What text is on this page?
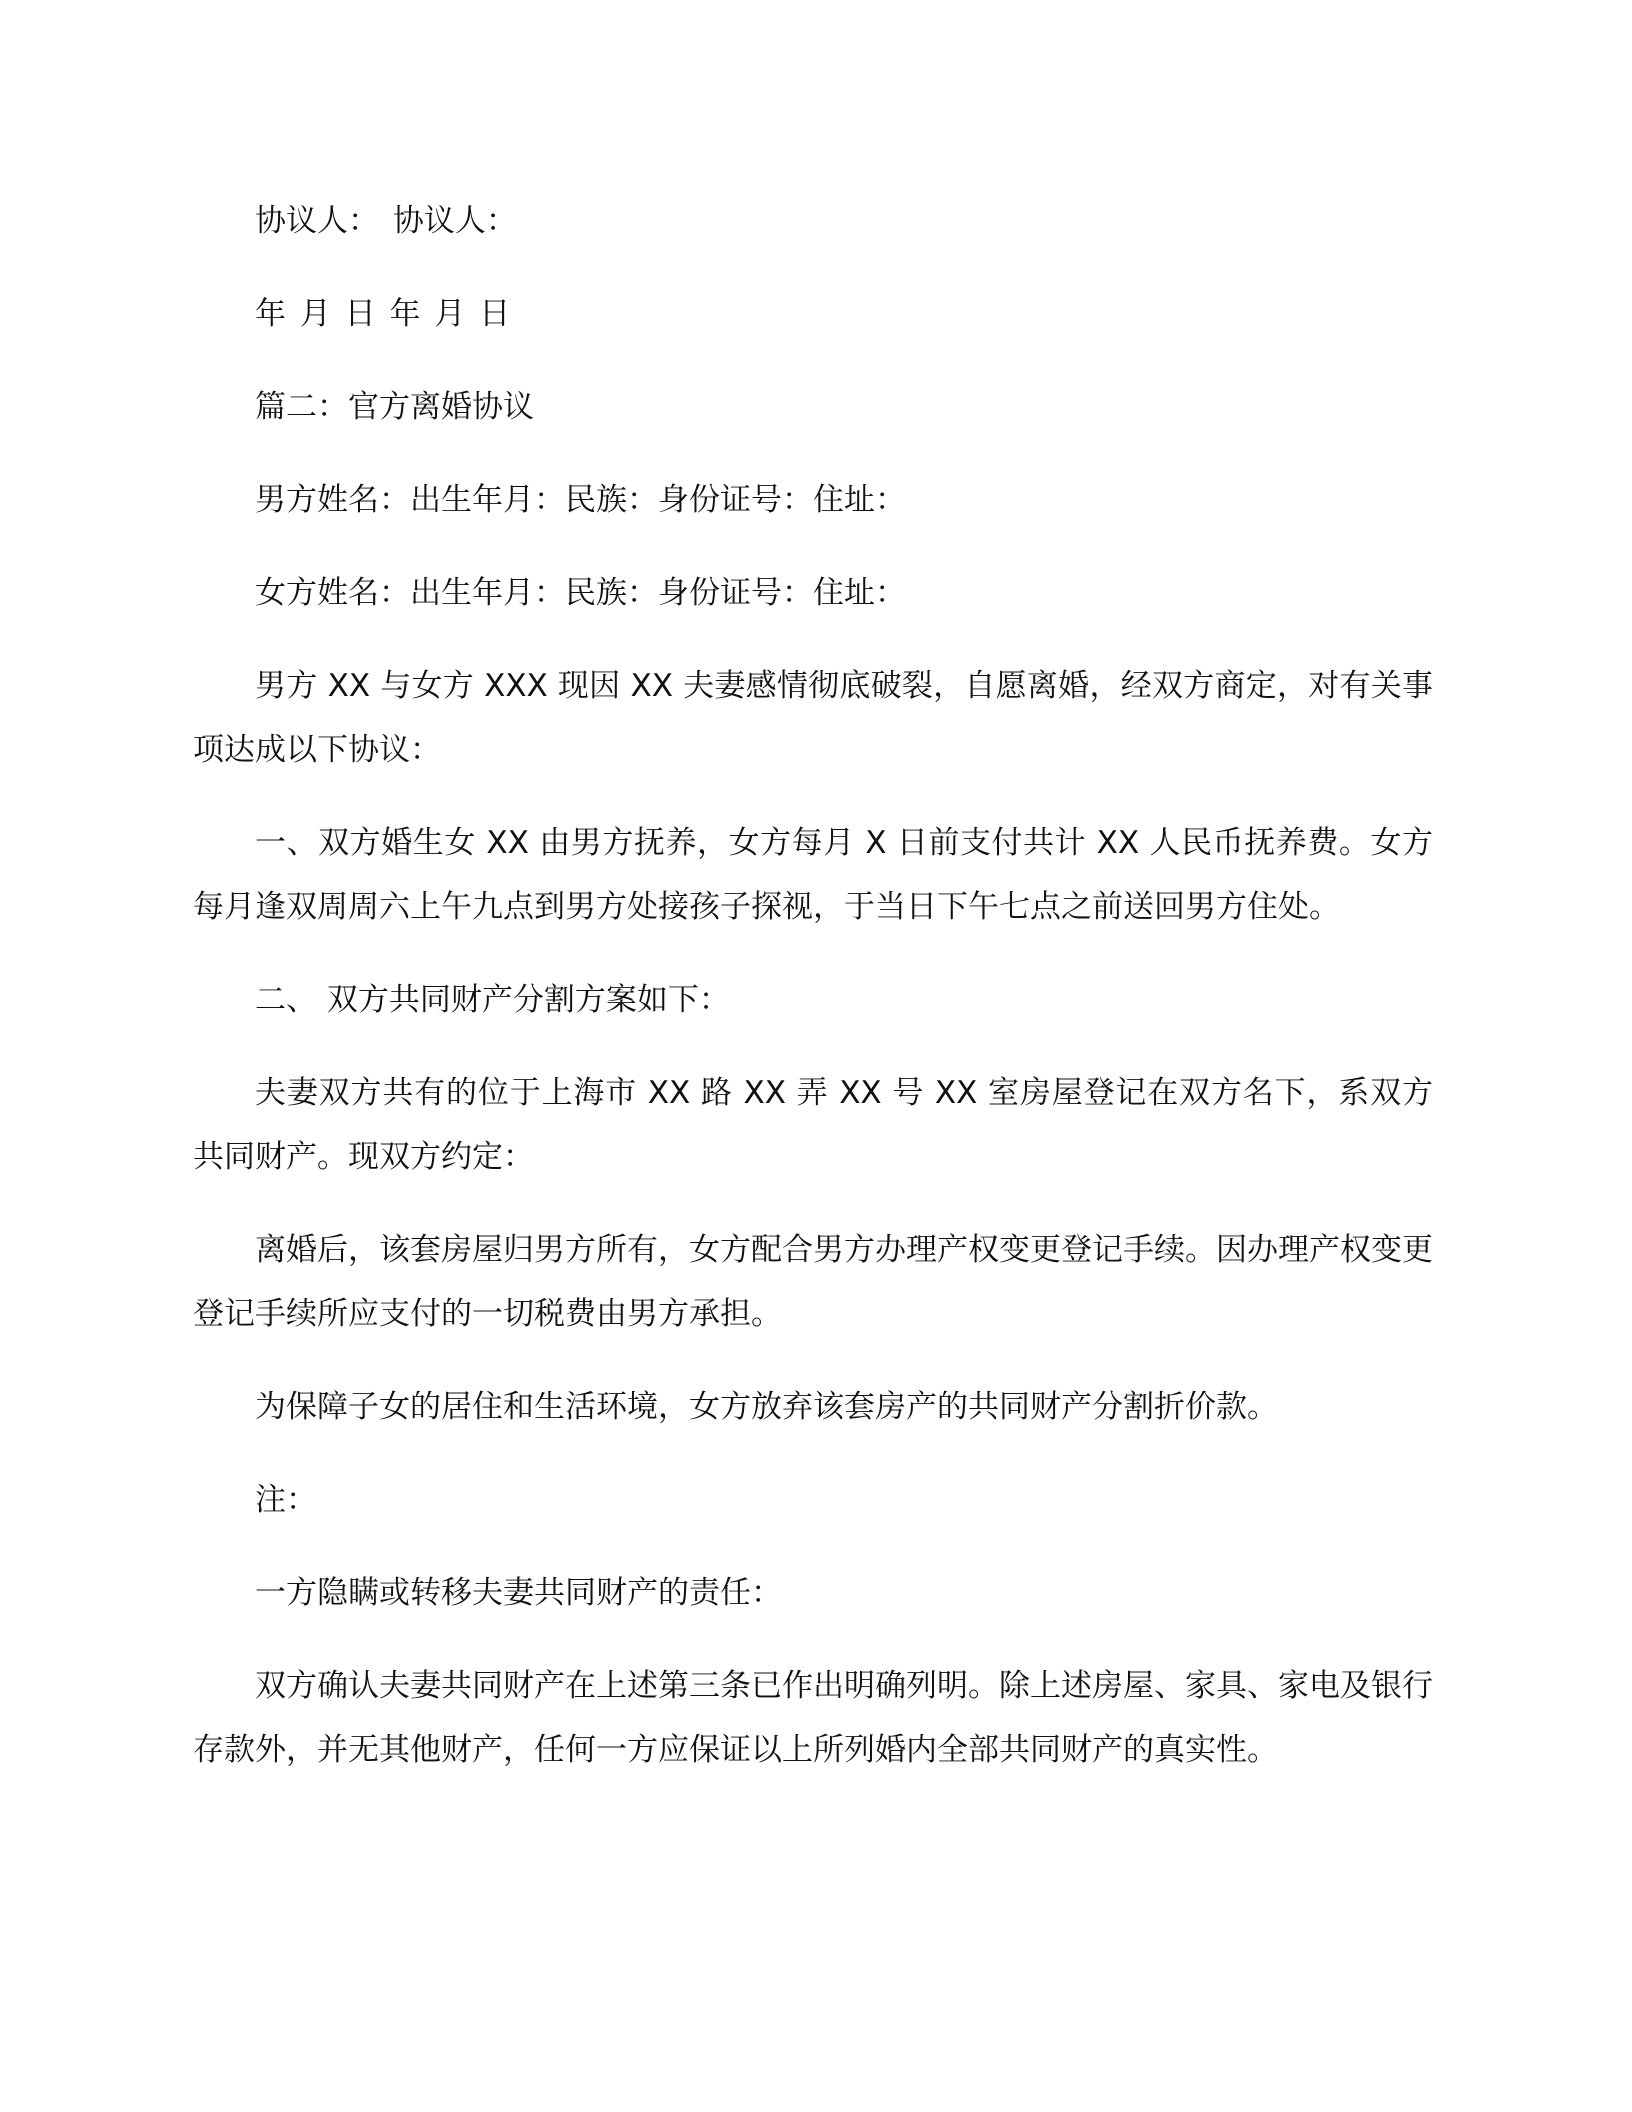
协议人： 协议人：

年 月 日 年 月 日

篇二：官方离婚协议

男方姓名：出生年月：民族：身份证号：住址：

女方姓名：出生年月：民族：身份证号：住址：

男方 XX 与女方 XXX 现因 XX 夫妻感情彻底破裂，自愿离婚，经双方商定，对有关事项达成以下协议：

一、双方婚生女 XX 由男方抚养，女方每月 X 日前支付共计 XX 人民币抚养费。女方每月逢双周周六上午九点到男方处接孩子探视，于当日下午七点之前送回男方住处。

二、 双方共同财产分割方案如下：

夫妻双方共有的位于上海市 XX 路 XX 弄 XX 号 XX 室房屋登记在双方名下，系双方共同财产。现双方约定：

离婚后，该套房屋归男方所有，女方配合男方办理产权变更登记手续。因办理产权变更登记手续所应支付的一切税费由男方承担。

为保障子女的居住和生活环境，女方放弃该套房产的共同财产分割折价款。

注：

一方隐瞒或转移夫妻共同财产的责任：

双方确认夫妻共同财产在上述第三条已作出明确列明。除上述房屋、家具、家电及银行存款外，并无其他财产，任何一方应保证以上所列婚内全部共同财产的真实性。
